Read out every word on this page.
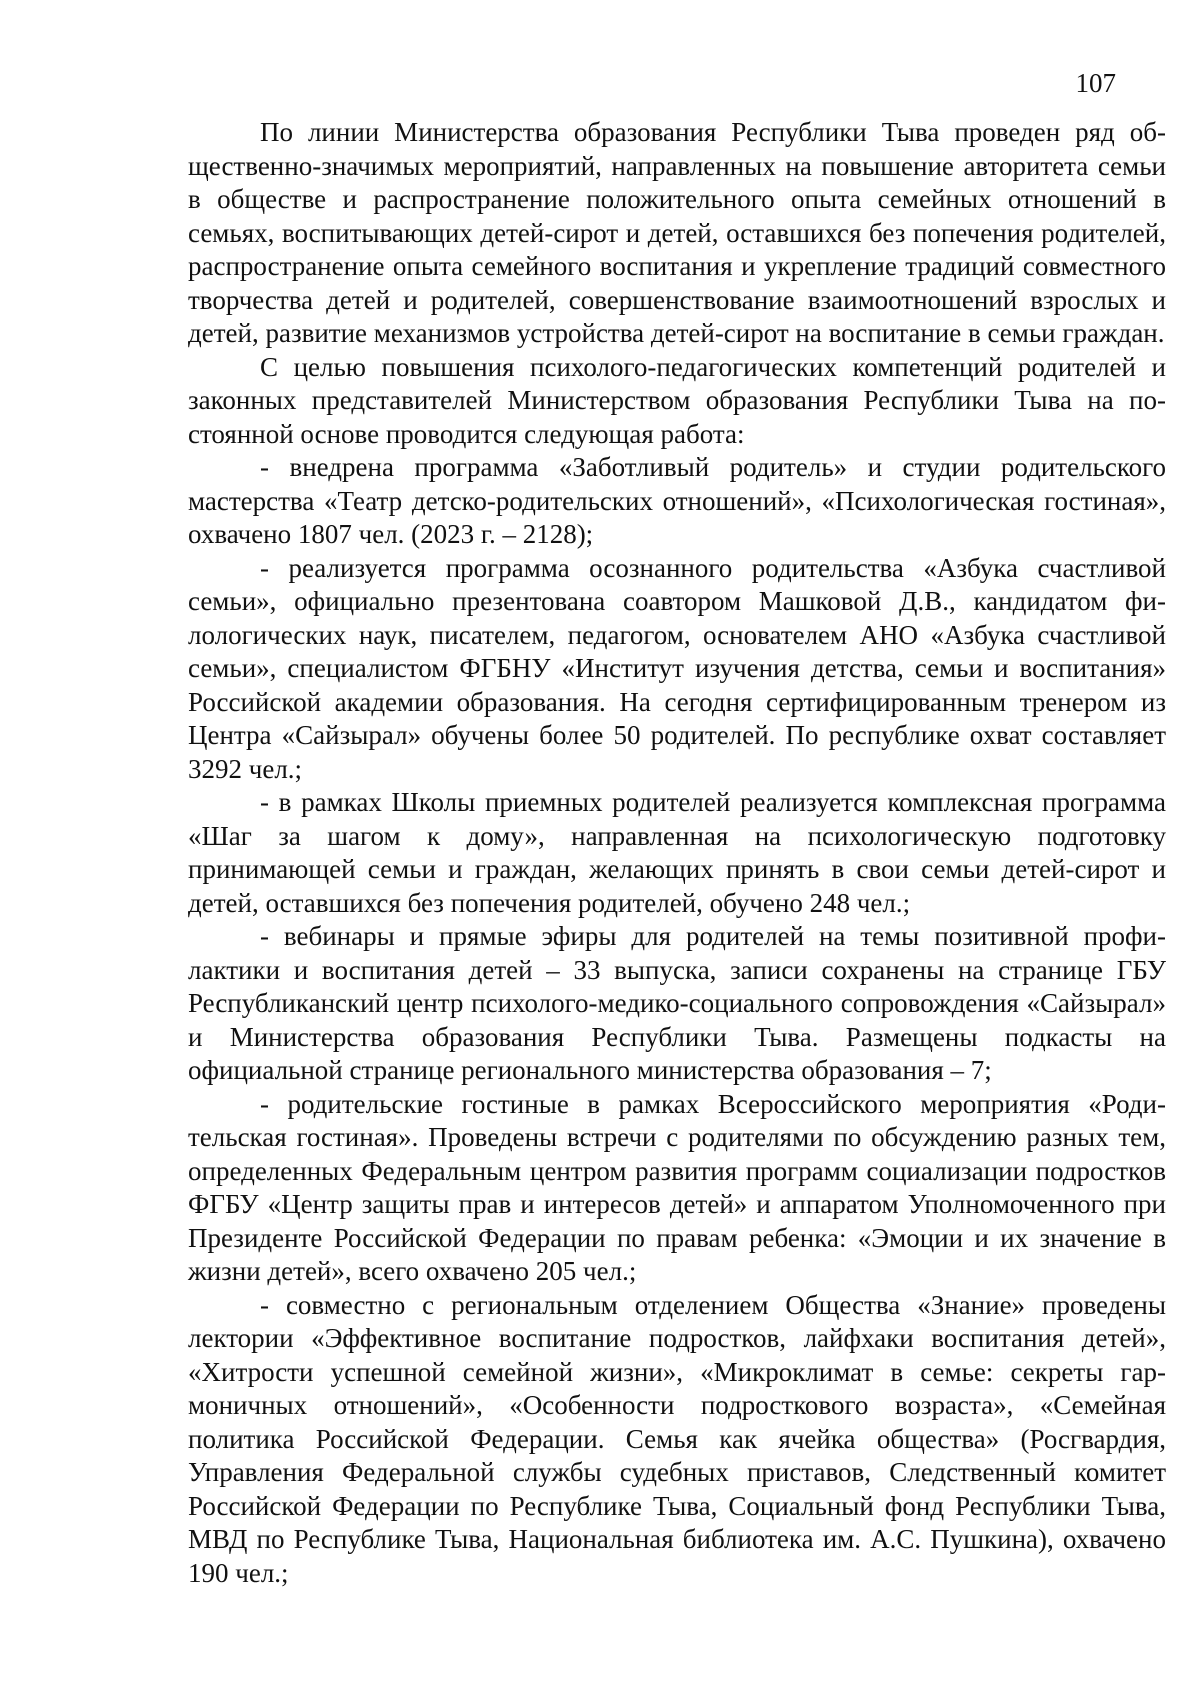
107

По линии Министерства образования Республики Тыва проведен ряд общественно-значимых мероприятий, направленных на повышение авторитета семьи в обществе и распространение положительного опыта семейных отношений в семьях, воспитывающих детей-сирот и детей, оставшихся без попечения родителей, распространение опыта семейного воспитания и укрепление традиций совместного творчества детей и родителей, совершенствование взаимоотношений взрослых и детей, развитие механизмов устройства детей-сирот на воспитание в семьи граждан.

С целью повышения психолого-педагогических компетенций родителей и законных представителей Министерством образования Республики Тыва на постоянной основе проводится следующая работа:

- внедрена программа «Заботливый родитель» и студии родительского мастерства «Театр детско-родительских отношений», «Психологическая гостиная», охвачено 1807 чел. (2023 г. – 2128);

- реализуется программа осознанного родительства «Азбука счастливой семьи», официально презентована соавтором Машковой Д.В., кандидатом филологических наук, писателем, педагогом, основателем АНО «Азбука счастливой семьи», специалистом ФГБНУ «Институт изучения детства, семьи и воспитания» Российской академии образования. На сегодня сертифицированным тренером из Центра «Сайзырал» обучены более 50 родителей. По республике охват составляет 3292 чел.;

- в рамках Школы приемных родителей реализуется комплексная программа «Шаг за шагом к дому», направленная на психологическую подготовку принимающей семьи и граждан, желающих принять в свои семьи детей-сирот и детей, оставшихся без попечения родителей, обучено 248 чел.;

- вебинары и прямые эфиры для родителей на темы позитивной профилактики и воспитания детей – 33 выпуска, записи сохранены на странице ГБУ Республиканский центр психолого-медико-социального сопровождения «Сайзырал» и Министерства образования Республики Тыва. Размещены подкасты на официальной странице регионального министерства образования – 7;

- родительские гостиные в рамках Всероссийского мероприятия «Родительская гостиная». Проведены встречи с родителями по обсуждению разных тем, определенных Федеральным центром развития программ социализации подростков ФГБУ «Центр защиты прав и интересов детей» и аппаратом Уполномоченного при Президенте Российской Федерации по правам ребенка: «Эмоции и их значение в жизни детей», всего охвачено 205 чел.;

- совместно с региональным отделением Общества «Знание» проведены лектории «Эффективное воспитание подростков, лайфхаки воспитания детей», «Хитрости успешной семейной жизни», «Микроклимат в семье: секреты гармоничных отношений», «Особенности подросткового возраста», «Семейная политика Российской Федерации. Семья как ячейка общества» (Росгвардия, Управления Федеральной службы судебных приставов, Следственный комитет Российской Федерации по Республике Тыва, Социальный фонд Республики Тыва, МВД по Республике Тыва, Национальная библиотека им. А.С. Пушкина), охвачено 190 чел.;
